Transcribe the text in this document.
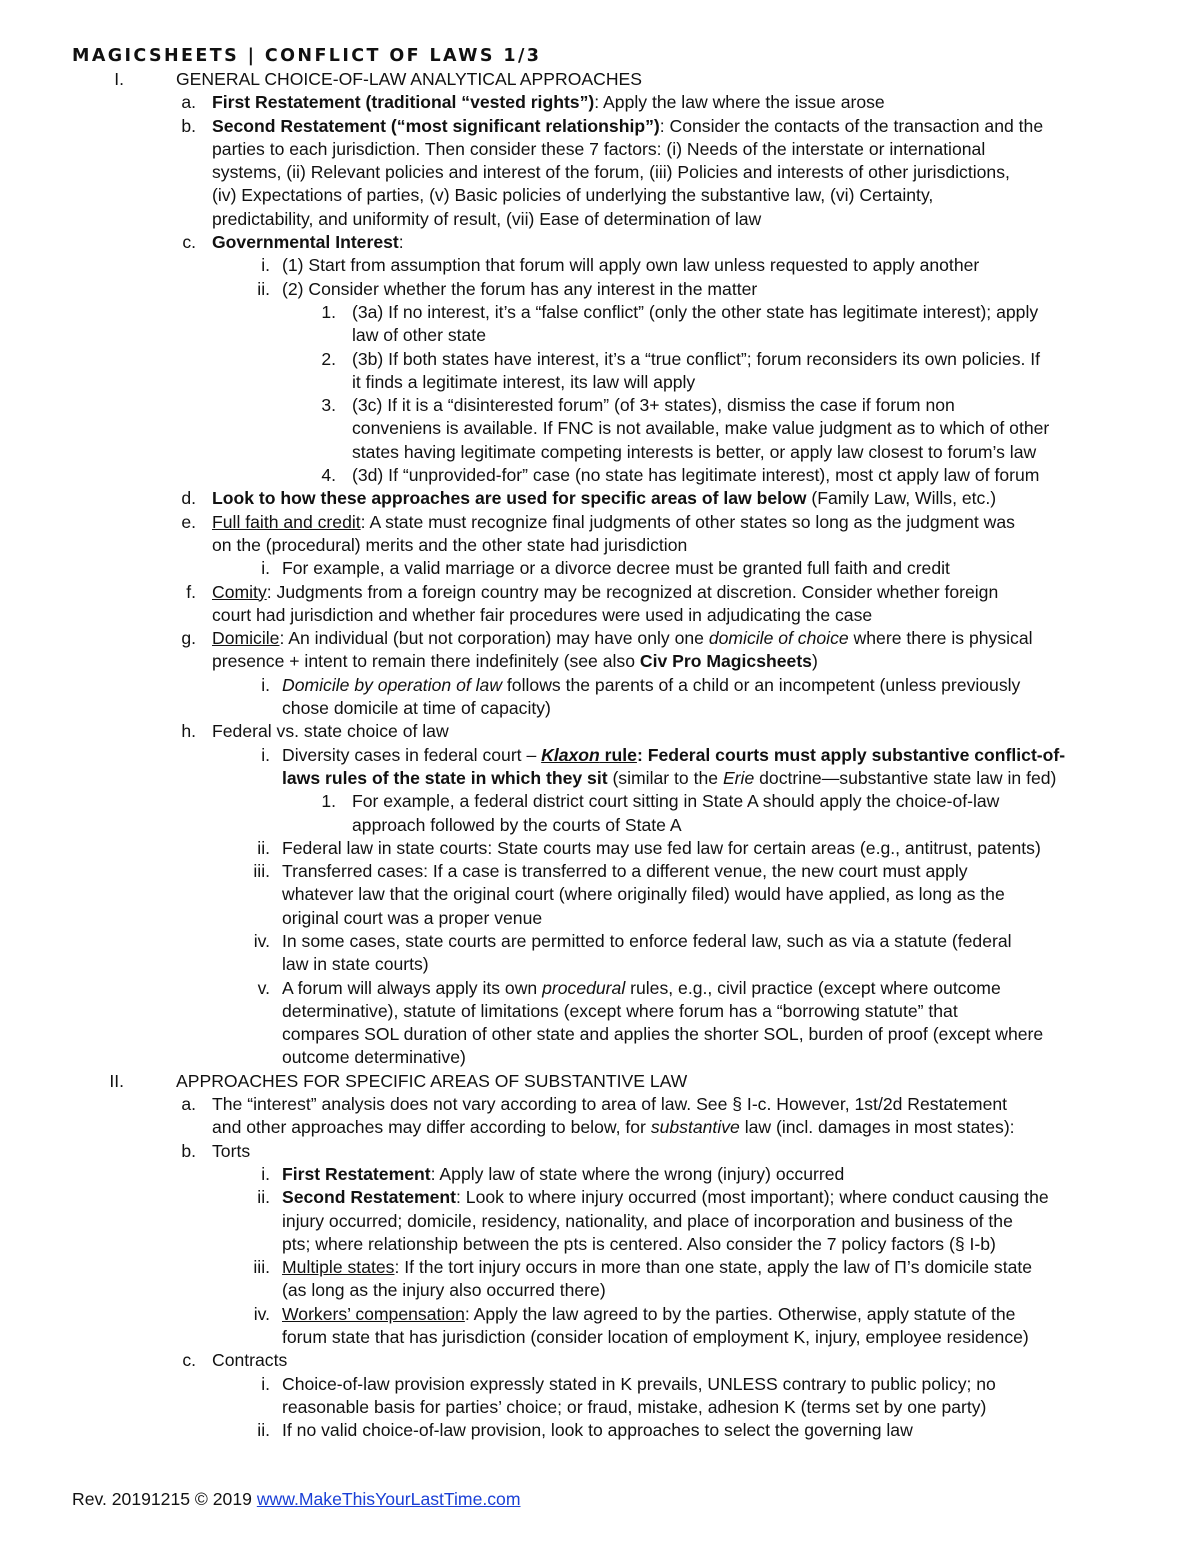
MAGICSHEETS | CONFLICT OF LAWS 1/3
I.	GENERAL CHOICE-OF-LAW ANALYTICAL APPROACHES
a. First Restatement (traditional “vested rights”): Apply the law where the issue arose
b. Second Restatement (“most significant relationship”): Consider the contacts of the transaction and the
parties to each jurisdiction. Then consider these 7 factors: (i) Needs of the interstate or international
systems, (ii) Relevant policies and interest of the forum, (iii) Policies and interests of other jurisdictions,
(iv) Expectations of parties, (v) Basic policies of underlying the substantive law, (vi) Certainty,
predictability, and uniformity of result, (vii) Ease of determination of law
c. Governmental Interest:
i. (1) Start from assumption that forum will apply own law unless requested to apply another
ii. (2) Consider whether the forum has any interest in the matter
1. (3a) If no interest, it’s a “false conflict” (only the other state has legitimate interest); apply
law of other state
2. (3b) If both states have interest, it’s a “true conflict”; forum reconsiders its own policies. If
it finds a legitimate interest, its law will apply
3. (3c) If it is a “disinterested forum” (of 3+ states), dismiss the case if forum non
conveniens is available. If FNC is not available, make value judgment as to which of other
states having legitimate competing interests is better, or apply law closest to forum’s law
4. (3d) If “unprovided-for” case (no state has legitimate interest), most ct apply law of forum
d. Look to how these approaches are used for specific areas of law below (Family Law, Wills, etc.)
e. Full faith and credit: A state must recognize final judgments of other states so long as the judgment was
on the (procedural) merits and the other state had jurisdiction
i. For example, a valid marriage or a divorce decree must be granted full faith and credit
f. Comity: Judgments from a foreign country may be recognized at discretion. Consider whether foreign
court had jurisdiction and whether fair procedures were used in adjudicating the case
g. Domicile: An individual (but not corporation) may have only one domicile of choice where there is physical
presence + intent to remain there indefinitely (see also Civ Pro Magicsheets)
i. Domicile by operation of law follows the parents of a child or an incompetent (unless previously
chose domicile at time of capacity)
h. Federal vs. state choice of law
i. Diversity cases in federal court – Klaxon rule: Federal courts must apply substantive conflict-of-
laws rules of the state in which they sit (similar to the Erie doctrine—substantive state law in fed)
1. For example, a federal district court sitting in State A should apply the choice-of-law
approach followed by the courts of State A
ii. Federal law in state courts: State courts may use fed law for certain areas (e.g., antitrust, patents)
iii. Transferred cases: If a case is transferred to a different venue, the new court must apply
whatever law that the original court (where originally filed) would have applied, as long as the
original court was a proper venue
iv. In some cases, state courts are permitted to enforce federal law, such as via a statute (federal
law in state courts)
v. A forum will always apply its own procedural rules, e.g., civil practice (except where outcome
determinative), statute of limitations (except where forum has a “borrowing statute” that
compares SOL duration of other state and applies the shorter SOL, burden of proof (except where
outcome determinative)
II.	APPROACHES FOR SPECIFIC AREAS OF SUBSTANTIVE LAW
a. The “interest” analysis does not vary according to area of law. See § I-c. However, 1st/2d Restatement
and other approaches may differ according to below, for substantive law (incl. damages in most states):
b. Torts
i. First Restatement: Apply law of state where the wrong (injury) occurred
ii. Second Restatement: Look to where injury occurred (most important); where conduct causing the
injury occurred; domicile, residency, nationality, and place of incorporation and business of the
pts; where relationship between the pts is centered. Also consider the 7 policy factors (§ I-b)
iii. Multiple states: If the tort injury occurs in more than one state, apply the law of Π’s domicile state
(as long as the injury also occurred there)
iv. Workers’ compensation: Apply the law agreed to by the parties. Otherwise, apply statute of the
forum state that has jurisdiction (consider location of employment K, injury, employee residence)
c. Contracts
i. Choice-of-law provision expressly stated in K prevails, UNLESS contrary to public policy; no
reasonable basis for parties’ choice; or fraud, mistake, adhesion K (terms set by one party)
ii. If no valid choice-of-law provision, look to approaches to select the governing law
Rev. 20191215 © 2019 www.MakeThisYourLastTime.com
